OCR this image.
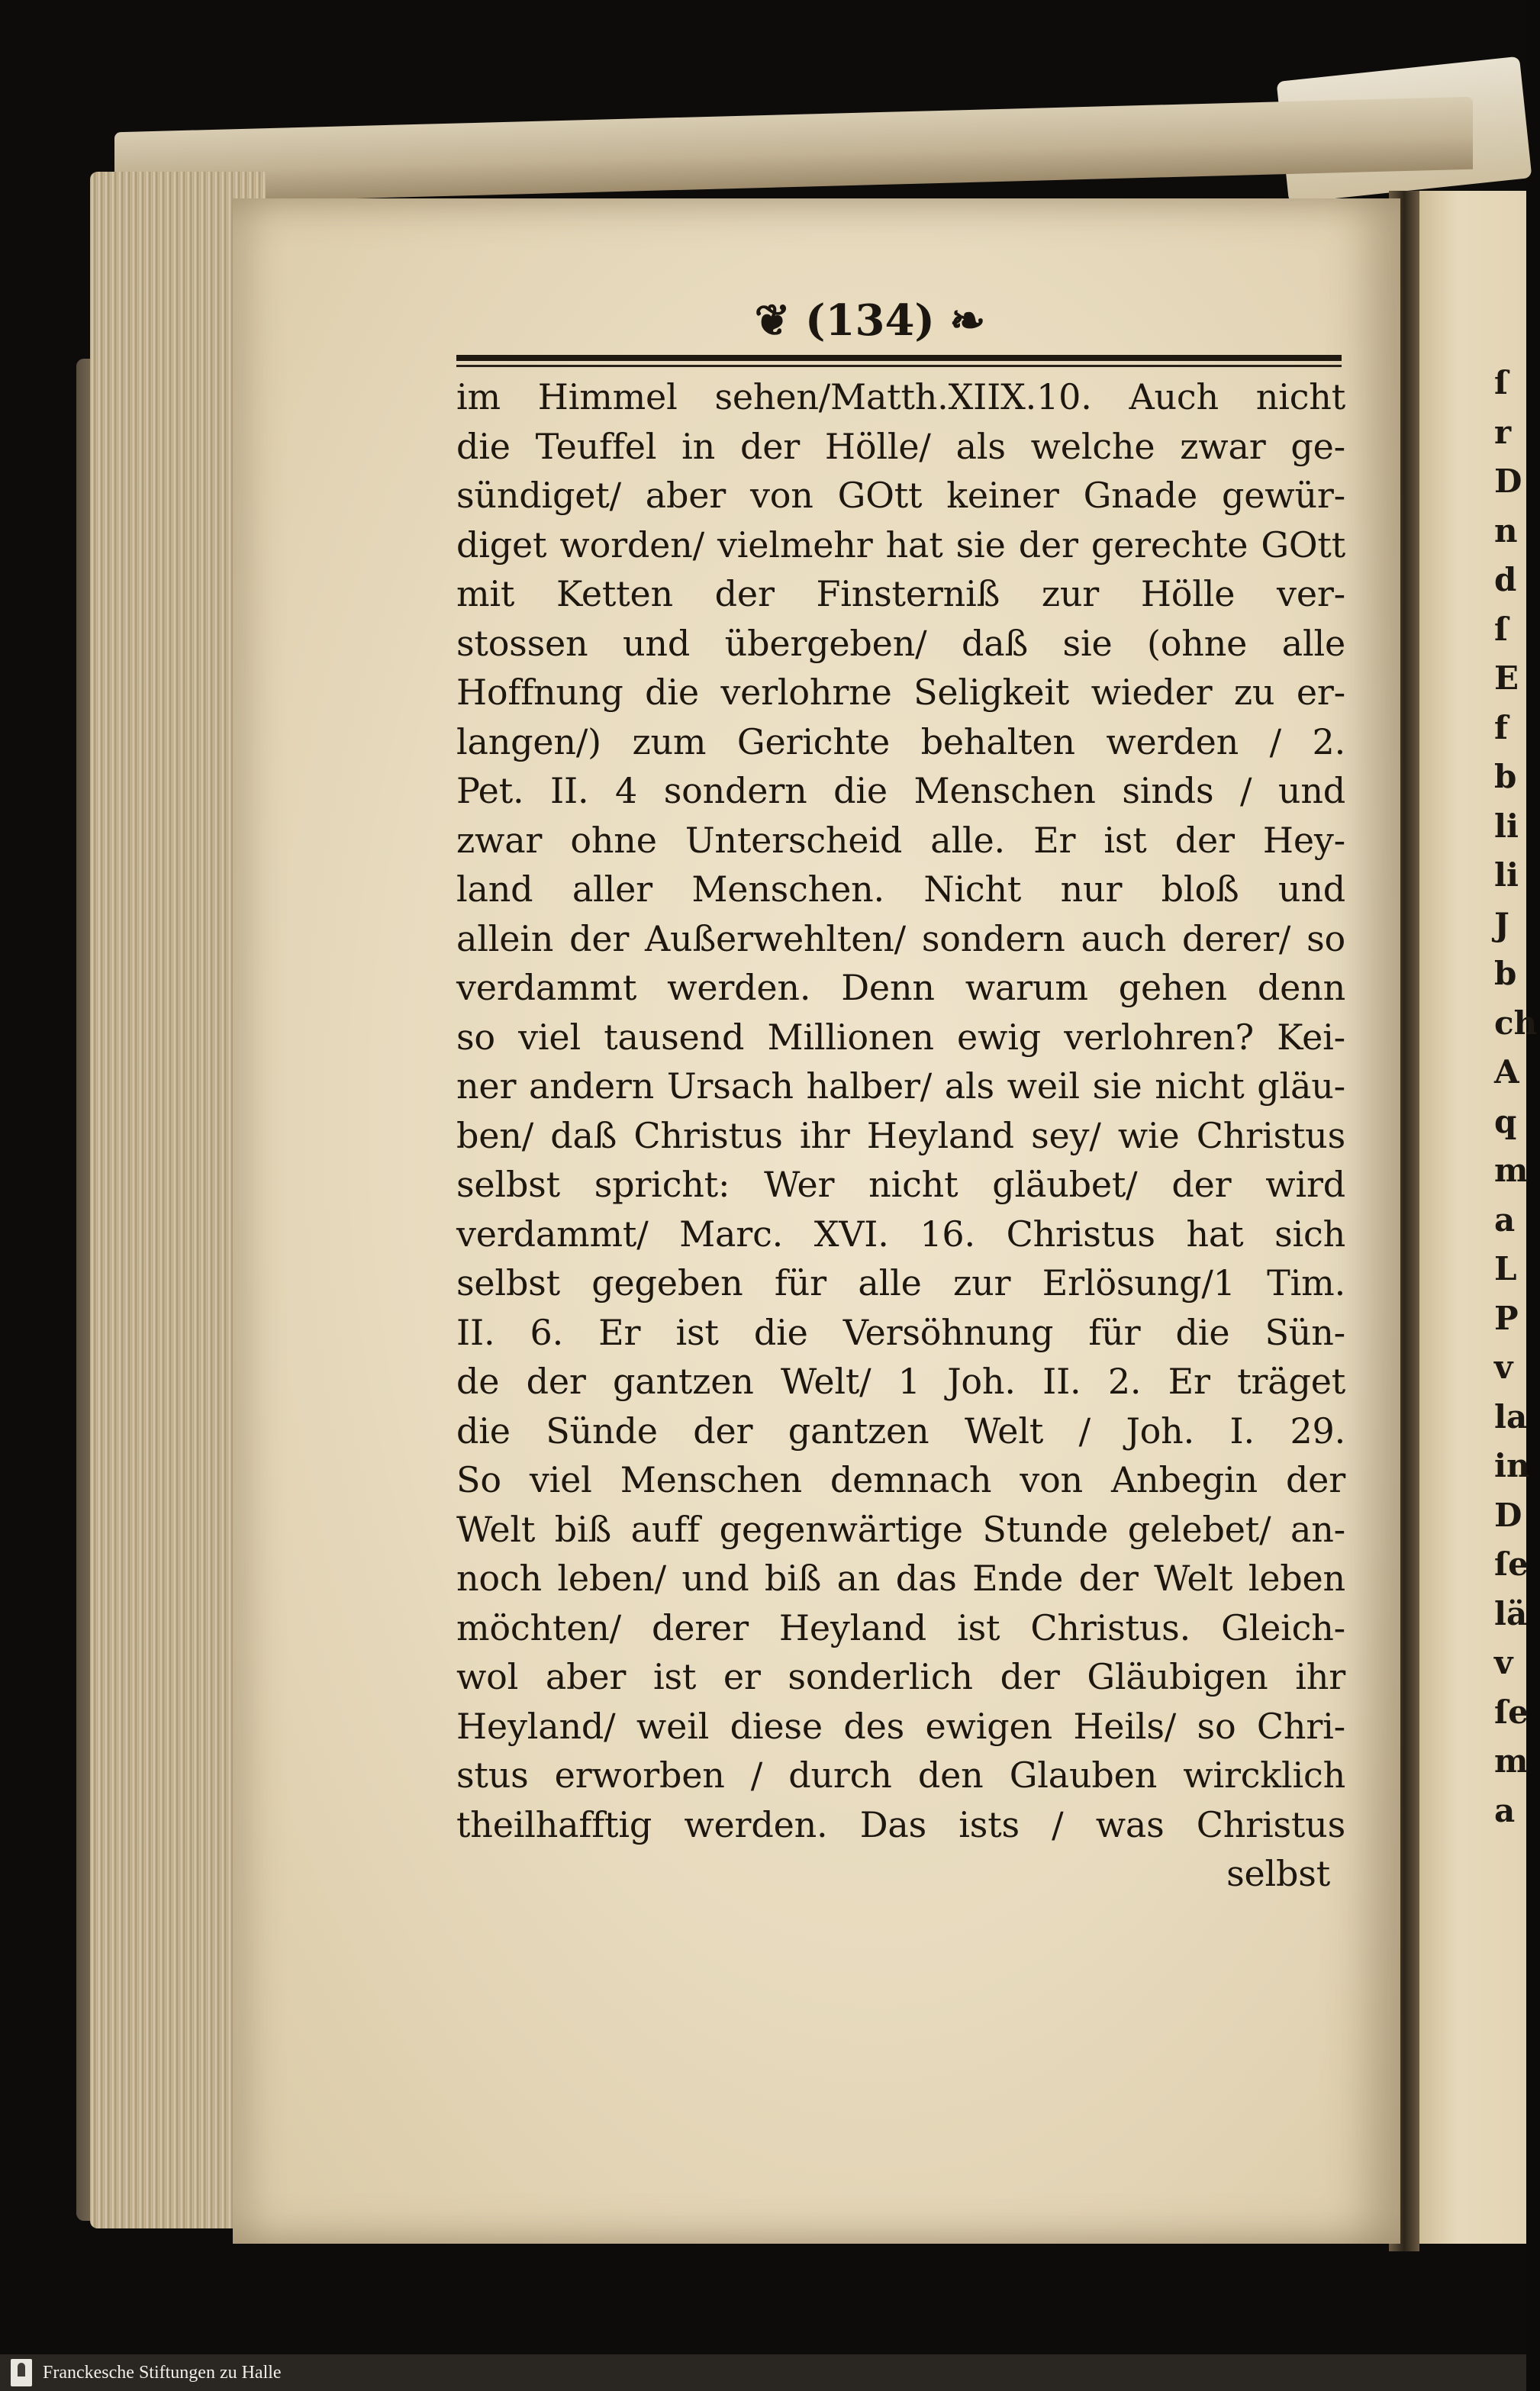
ſ
r
D
n
d
ſ
E
f
b
li
li
J
b
ch
A
q
m
a
L
P
v
la
in
D
ſe
lä
v
ſe
m
a
❦ (134) ❧
im Himmel sehen/Matth.XIIX.10. Auch nicht
die Teuffel in der Hölle/ als welche zwar ge-
sündiget/ aber von GOtt keiner Gnade gewür-
diget worden/ vielmehr hat sie der gerechte GOtt
mit Ketten der Finsterniß zur Hölle ver-
stossen und übergeben/ daß sie (ohne alle
Hoffnung die verlohrne Seligkeit wieder zu er-
langen/) zum Gerichte behalten werden / 2.
Pet. II. 4 sondern die Menschen sinds / und
zwar ohne Unterscheid alle. Er ist der Hey-
land aller Menschen. Nicht nur bloß und
allein der Außerwehlten/ sondern auch derer/ so
verdammt werden. Denn warum gehen denn
so viel tausend Millionen ewig verlohren? Kei-
ner andern Ursach halber/ als weil sie nicht gläu-
ben/ daß Christus ihr Heyland sey/ wie Christus
selbst spricht: Wer nicht gläubet/ der wird
verdammt/ Marc. XVI. 16. Christus hat sich
selbst gegeben für alle zur Erlösung/1 Tim.
II. 6. Er ist die Versöhnung für die Sün-
de der gantzen Welt/ 1 Joh. II. 2. Er träget
die Sünde der gantzen Welt / Joh. I. 29.
So viel Menschen demnach von Anbegin der
Welt biß auff gegenwärtige Stunde gelebet/ an-
noch leben/ und biß an das Ende der Welt leben
möchten/ derer Heyland ist Christus. Gleich-
wol aber ist er sonderlich der Gläubigen ihr
Heyland/ weil diese des ewigen Heils/ so Chri-
stus erworben / durch den Glauben wircklich
theilhafftig werden. Das ists / was Christus
selbst
Franckesche Stiftungen zu Halle
